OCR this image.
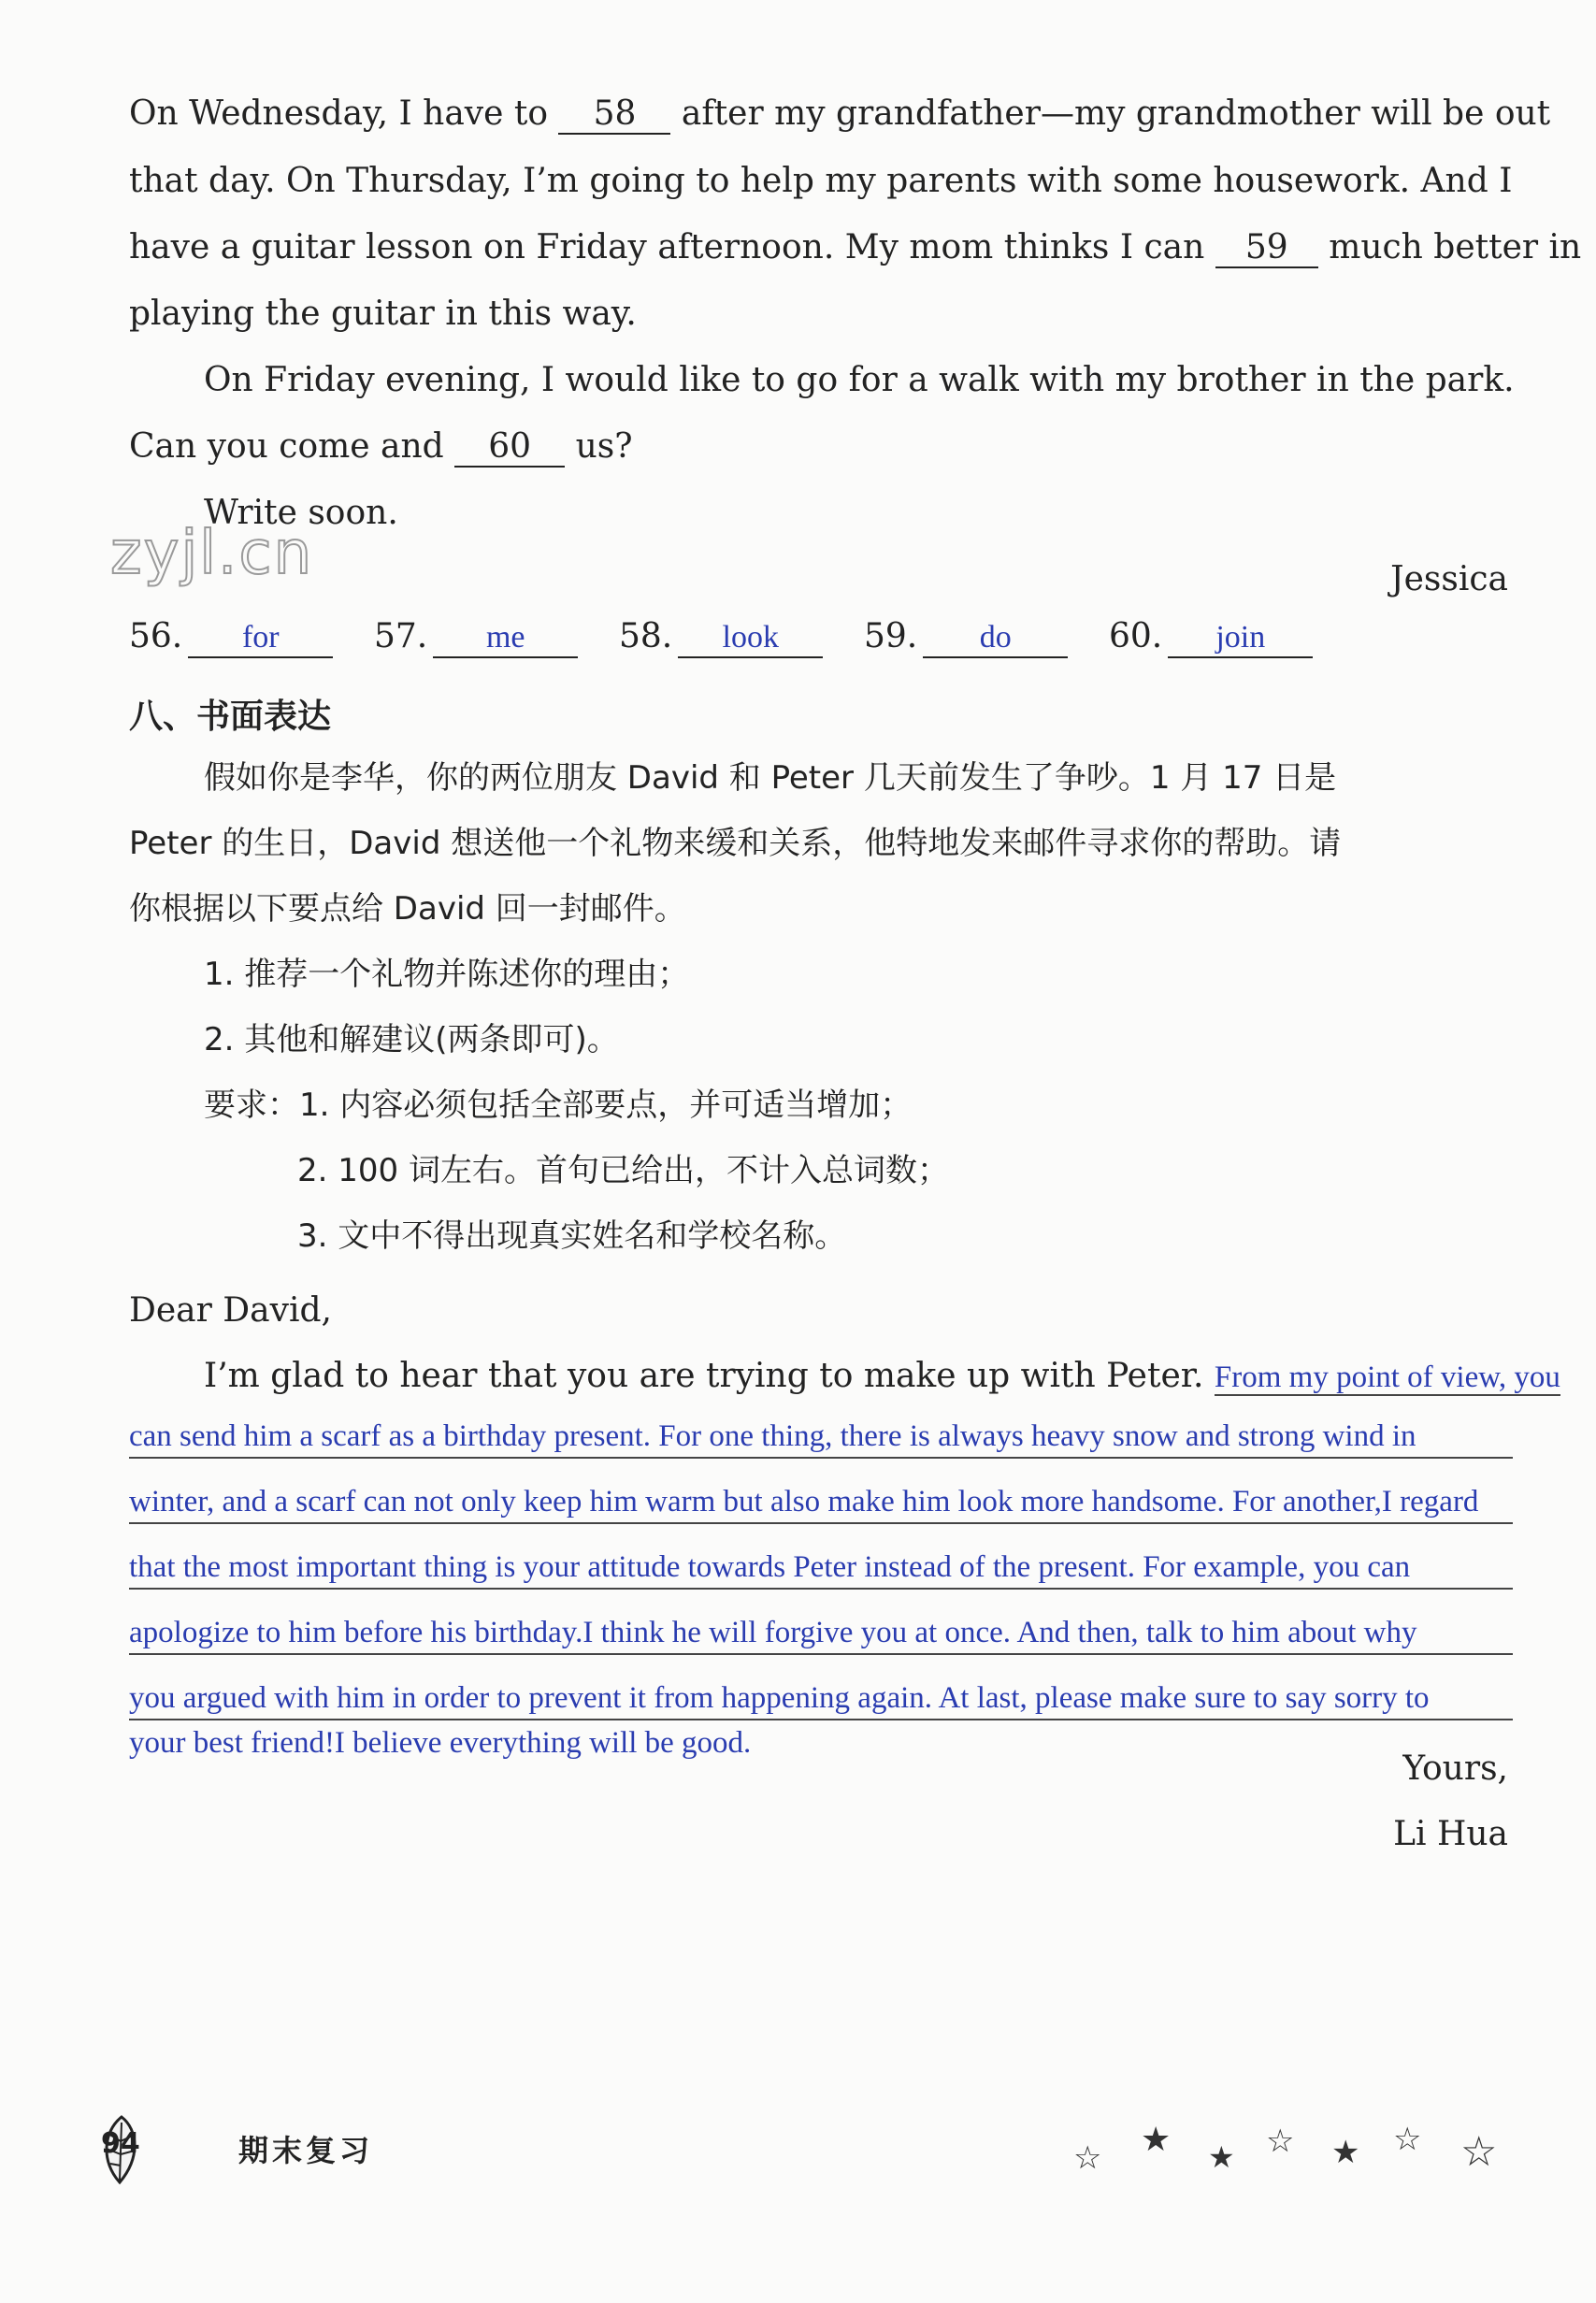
On Wednesday, I have to 58 after my grandfather—my grandmother will be out
that day. On Thursday, I’m going to help my parents with some housework. And I
have a guitar lesson on Friday afternoon. My mom thinks I can 59 much better in
playing the guitar in this way.
On Friday evening, I would like to go for a walk with my brother in the park.
Can you come and 60 us?
Write soon.
zyjl.cn	Jessica
56. for	57. me	58. look	59. do	60. join
八、书面表达
假如你是李华，你的两位朋友 David 和 Peter 几天前发生了争吵。1 月 17 日是
Peter 的生日，David 想送他一个礼物来缓和关系，他特地发来邮件寻求你的帮助。请
你根据以下要点给 David 回一封邮件。
1. 推荐一个礼物并陈述你的理由；
2. 其他和解建议(两条即可)。
要求：1. 内容必须包括全部要点，并可适当增加；
2. 100 词左右。首句已给出，不计入总词数；
3. 文中不得出现真实姓名和学校名称。
Dear David,
I’m glad to hear that you are trying to make up with Peter. From my point of view, you
can send him a scarf as a birthday present. For one thing, there is always heavy snow and strong wind in
winter, and a scarf can not only keep him warm but also make him look more handsome. For another,I regard
that the most important thing is your attitude towards Peter instead of the present. For example, you can
apologize to him before his birthday.I think he will forgive you at once. And then, talk to him about why
you argued with him in order to prevent it from happening again. At last, please make sure to say sorry to
your best friend!I believe everything will be good.
Yours,
Li Hua
94	期末复习	☆ ★ ★ ☆ ★ ☆ ☆
